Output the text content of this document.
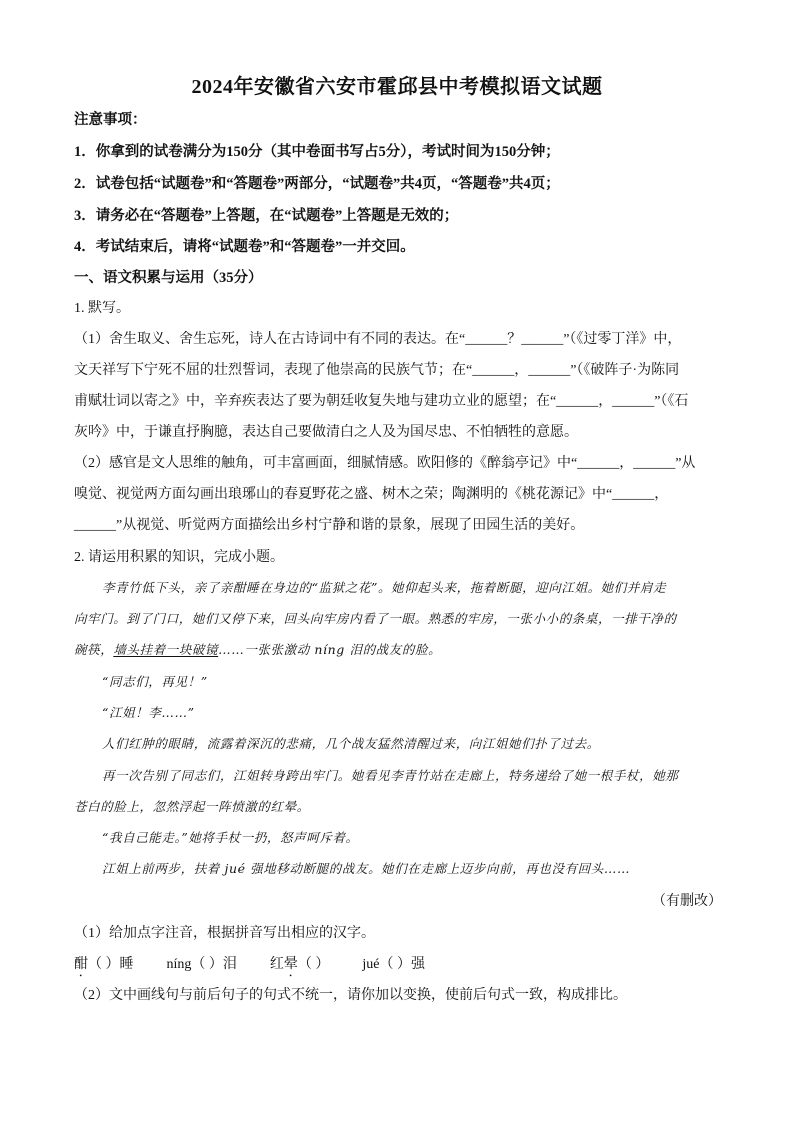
2024年安徽省六安市霍邱县中考模拟语文试题
注意事项：
1．你拿到的试卷满分为150分（其中卷面书写占5分），考试时间为150分钟；
2．试卷包括“试题卷”和“答题卷”两部分，“试题卷”共4页，“答题卷”共4页；
3．请务必在“答题卷”上答题，在“试题卷”上答题是无效的；
4．考试结束后，请将“试题卷”和“答题卷”一并交回。
一、语文积累与运用（35分）
1. 默写。
（1）舍生取义、舍生忘死，诗人在古诗词中有不同的表达。在“______？______”（《过零丁洋》中，
文天祥写下宁死不屈的壮烈誓词，表现了他崇高的民族气节；在“______，______”（《破阵子·为陈同
甫赋壮词以寄之》中，辛弃疾表达了要为朝廷收复失地与建功立业的愿望；在“______，______”（《石
灰吟》中，于谦直抒胸臆，表达自己要做清白之人及为国尽忠、不怕牺牲的意愿。
（2）感官是文人思维的触角，可丰富画面，细腻情感。欧阳修的《醉翁亭记》中“______，______”从
嗅觉、视觉两方面勾画出琅琊山的春夏野花之盛、树木之荣；陶渊明的《桃花源记》中“______，
______”从视觉、听觉两方面描绘出乡村宁静和谐的景象，展现了田园生活的美好。
2. 请运用积累的知识，完成小题。
李青竹低下头，亲了亲酣睡在身边的“监狱之花”。她仰起头来，拖着断腿，迎向江姐。她们并肩走
向牢门。到了门口，她们又停下来，回头向牢房内看了一眼。熟悉的牢房，一张小小的条桌，一排干净的
碗筷，墙头挂着一块破镜……一张张激动 níng 泪的战友的脸。
“同志们，再见！”
“江姐！李……”
人们红肿的眼睛，流露着深沉的悲痛，几个战友猛然清醒过来，向江姐她们扑了过去。
再一次告别了同志们，江姐转身跨出牢门。她看见李青竹站在走廊上，特务递给了她一根手杖，她那
苍白的脸上，忽然浮起一阵愤激的红晕。
“我自己能走。”她将手杖一扔，怒声呵斥着。
江姐上前两步，扶着 jué 强地移动断腿的战友。她们在走廊上迈步向前，再也没有回头……
（有删改）
（1）给加点字注音，根据拼音写出相应的汉字。
酣（ ）睡 níng（ ）泪 红晕（ ） jué（ ）强
（2）文中画线句与前后句子的句式不统一，请你加以变换，使前后句式一致，构成排比。
